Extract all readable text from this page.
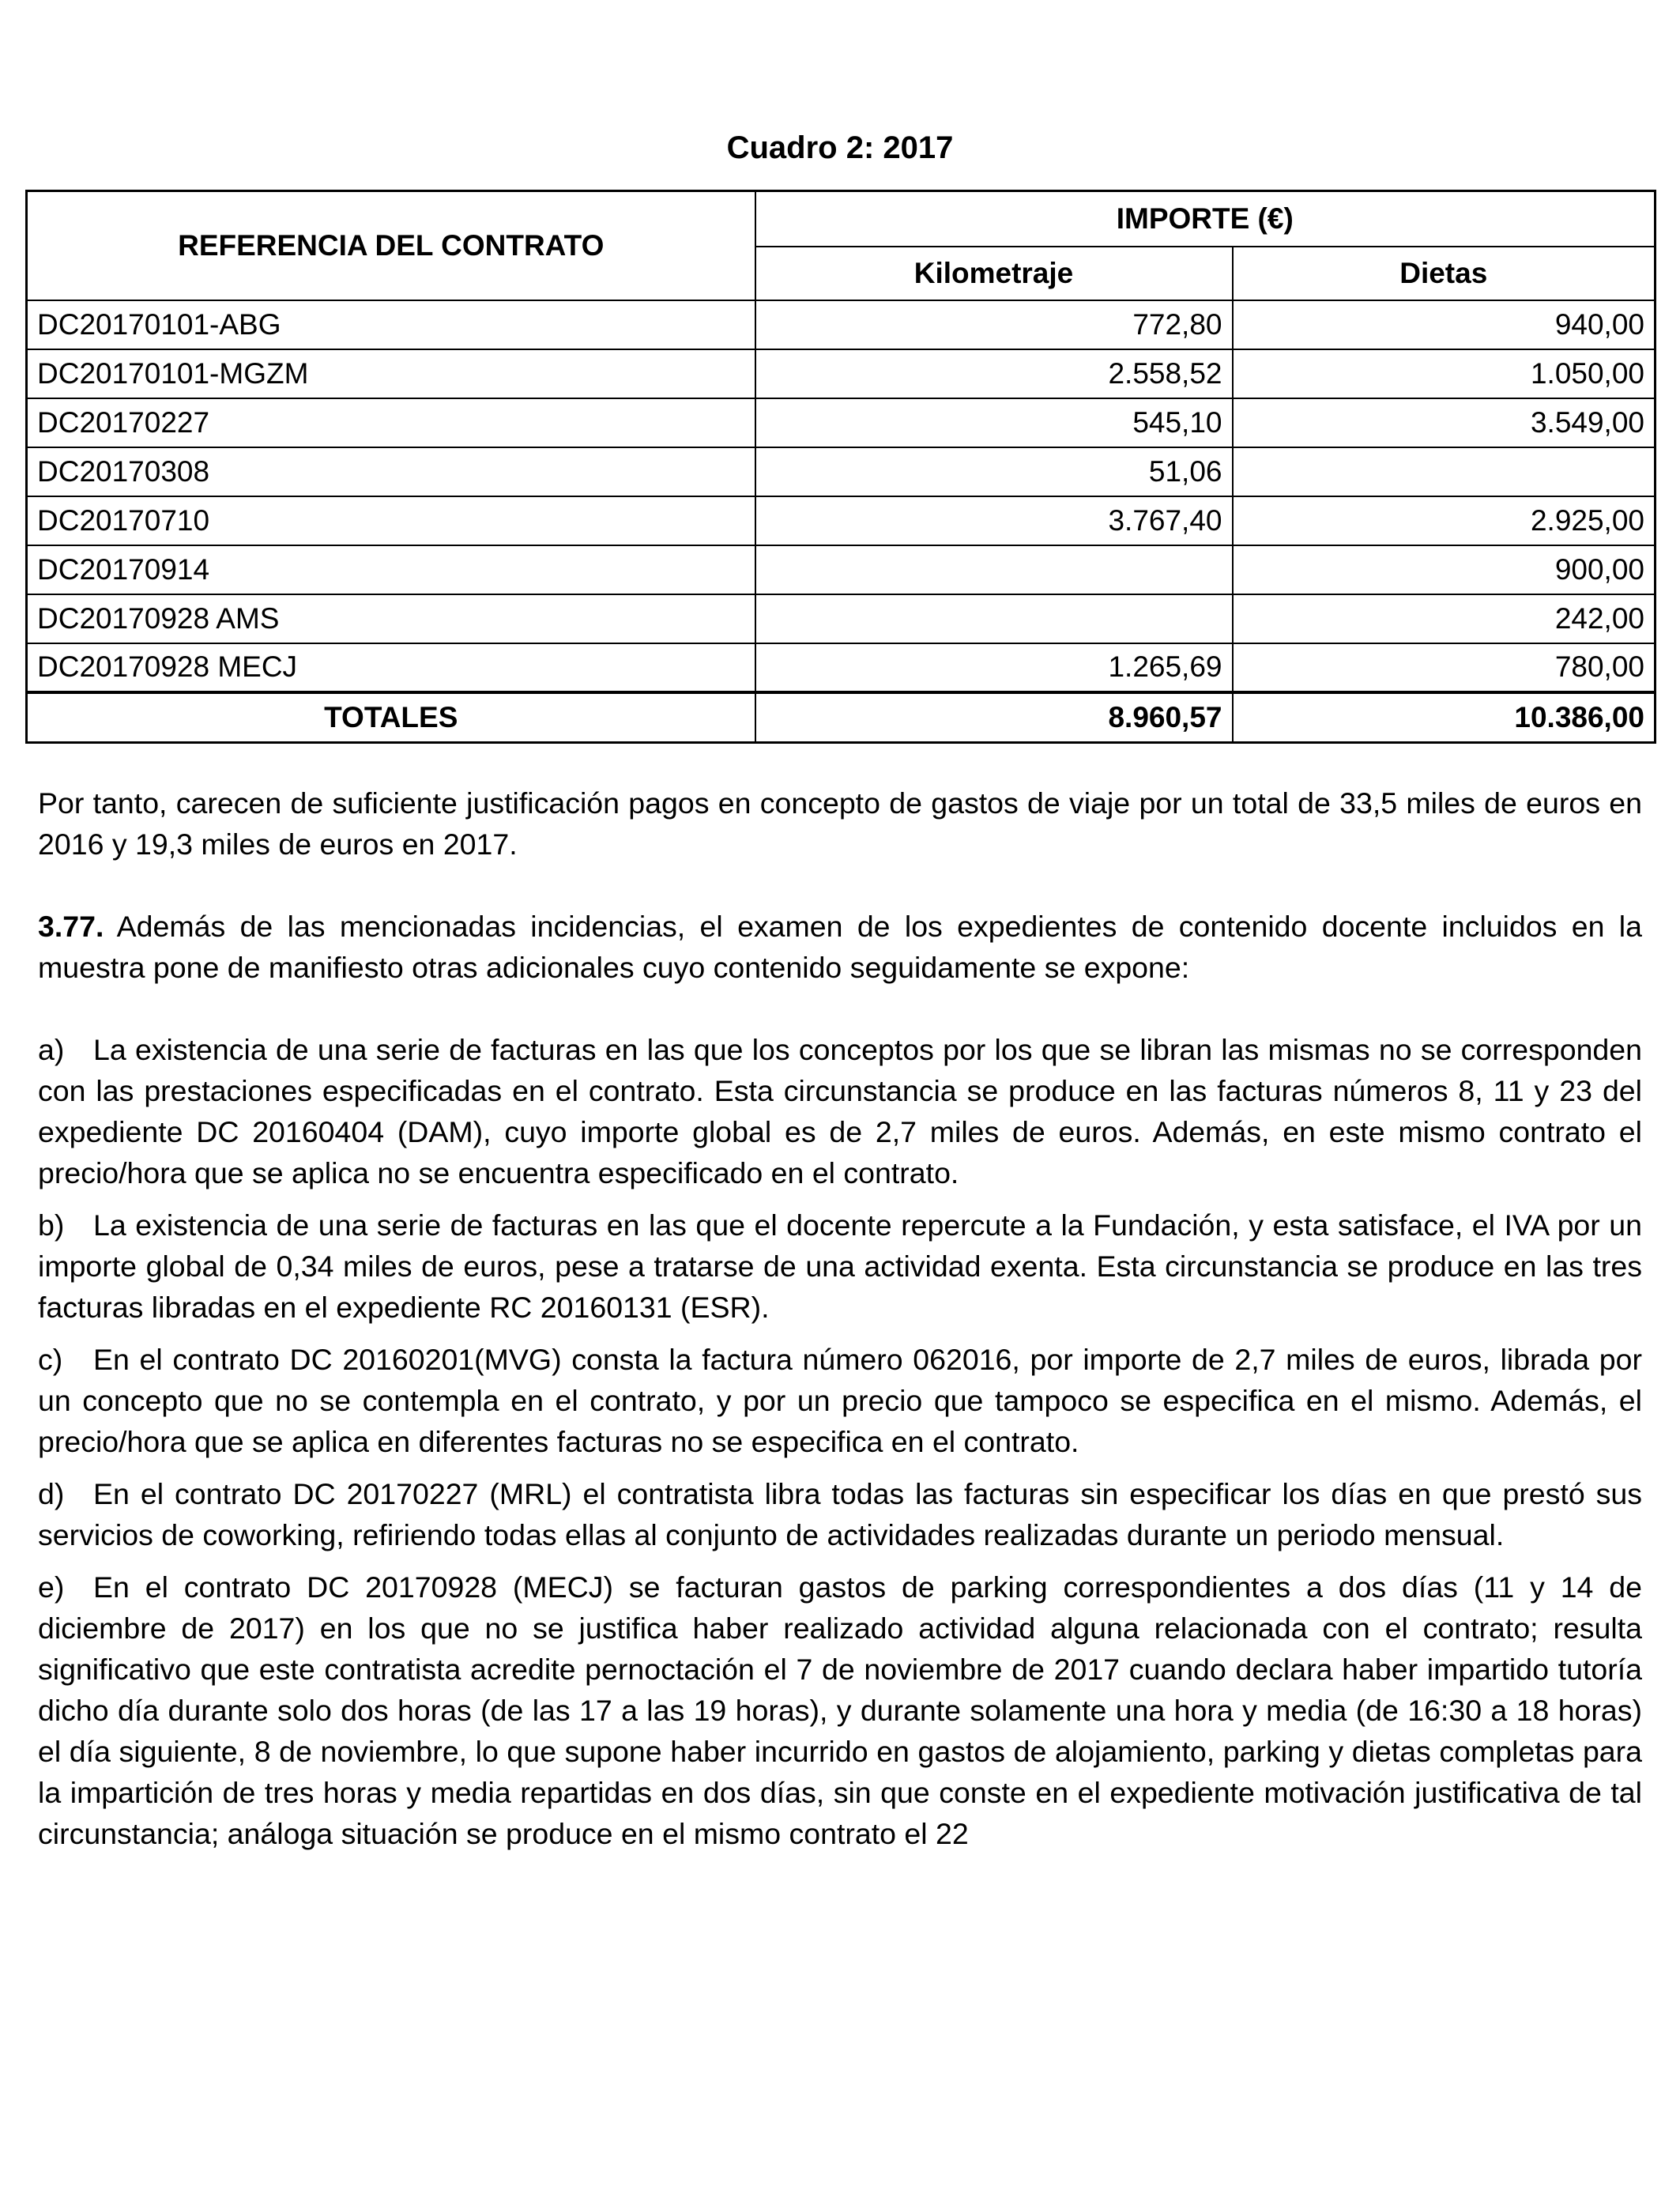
Cuadro 2: 2017
REFERENCIA DEL CONTRATO	IMPORTE (€)	
	Kilometraje	Dietas
DC20170101-ABG	772,80	940,00
DC20170101-MGZM	2.558,52	1.050,00
DC20170227	545,10	3.549,00
DC20170308	51,06	
DC20170710	3.767,40	2.925,00
DC20170914		900,00
DC20170928 AMS		242,00
DC20170928 MECJ	1.265,69	780,00
TOTALES	8.960,57	10.386,00

Por tanto, carecen de suficiente justificación pagos en concepto de gastos de viaje por un total de 33,5 miles de euros en 2016 y 19,3 miles de euros en 2017.

3.77. Además de las mencionadas incidencias, el examen de los expedientes de contenido docente incluidos en la muestra pone de manifiesto otras adicionales cuyo contenido seguidamente se expone:

a) La existencia de una serie de facturas en las que los conceptos por los que se libran las mismas no se corresponden con las prestaciones especificadas en el contrato. Esta circunstancia se produce en las facturas números 8, 11 y 23 del expediente DC 20160404 (DAM), cuyo importe global es de 2,7 miles de euros. Además, en este mismo contrato el precio/hora que se aplica no se encuentra especificado en el contrato.

b) La existencia de una serie de facturas en las que el docente repercute a la Fundación, y esta satisface, el IVA por un importe global de 0,34 miles de euros, pese a tratarse de una actividad exenta. Esta circunstancia se produce en las tres facturas libradas en el expediente RC 20160131 (ESR).

c) En el contrato DC 20160201(MVG) consta la factura número 062016, por importe de 2,7 miles de euros, librada por un concepto que no se contempla en el contrato, y por un precio que tampoco se especifica en el mismo. Además, el precio/hora que se aplica en diferentes facturas no se especifica en el contrato.

d) En el contrato DC 20170227 (MRL) el contratista libra todas las facturas sin especificar los días en que prestó sus servicios de coworking, refiriendo todas ellas al conjunto de actividades realizadas durante un periodo mensual.

e) En el contrato DC 20170928 (MECJ) se facturan gastos de parking correspondientes a dos días (11 y 14 de diciembre de 2017) en los que no se justifica haber realizado actividad alguna relacionada con el contrato; resulta significativo que este contratista acredite pernoctación el 7 de noviembre de 2017 cuando declara haber impartido tutoría dicho día durante solo dos horas (de las 17 a las 19 horas), y durante solamente una hora y media (de 16:30 a 18 horas) el día siguiente, 8 de noviembre, lo que supone haber incurrido en gastos de alojamiento, parking y dietas completas para la impartición de tres horas y media repartidas en dos días, sin que conste en el expediente motivación justificativa de tal circunstancia; análoga situación se produce en el mismo contrato el 22
